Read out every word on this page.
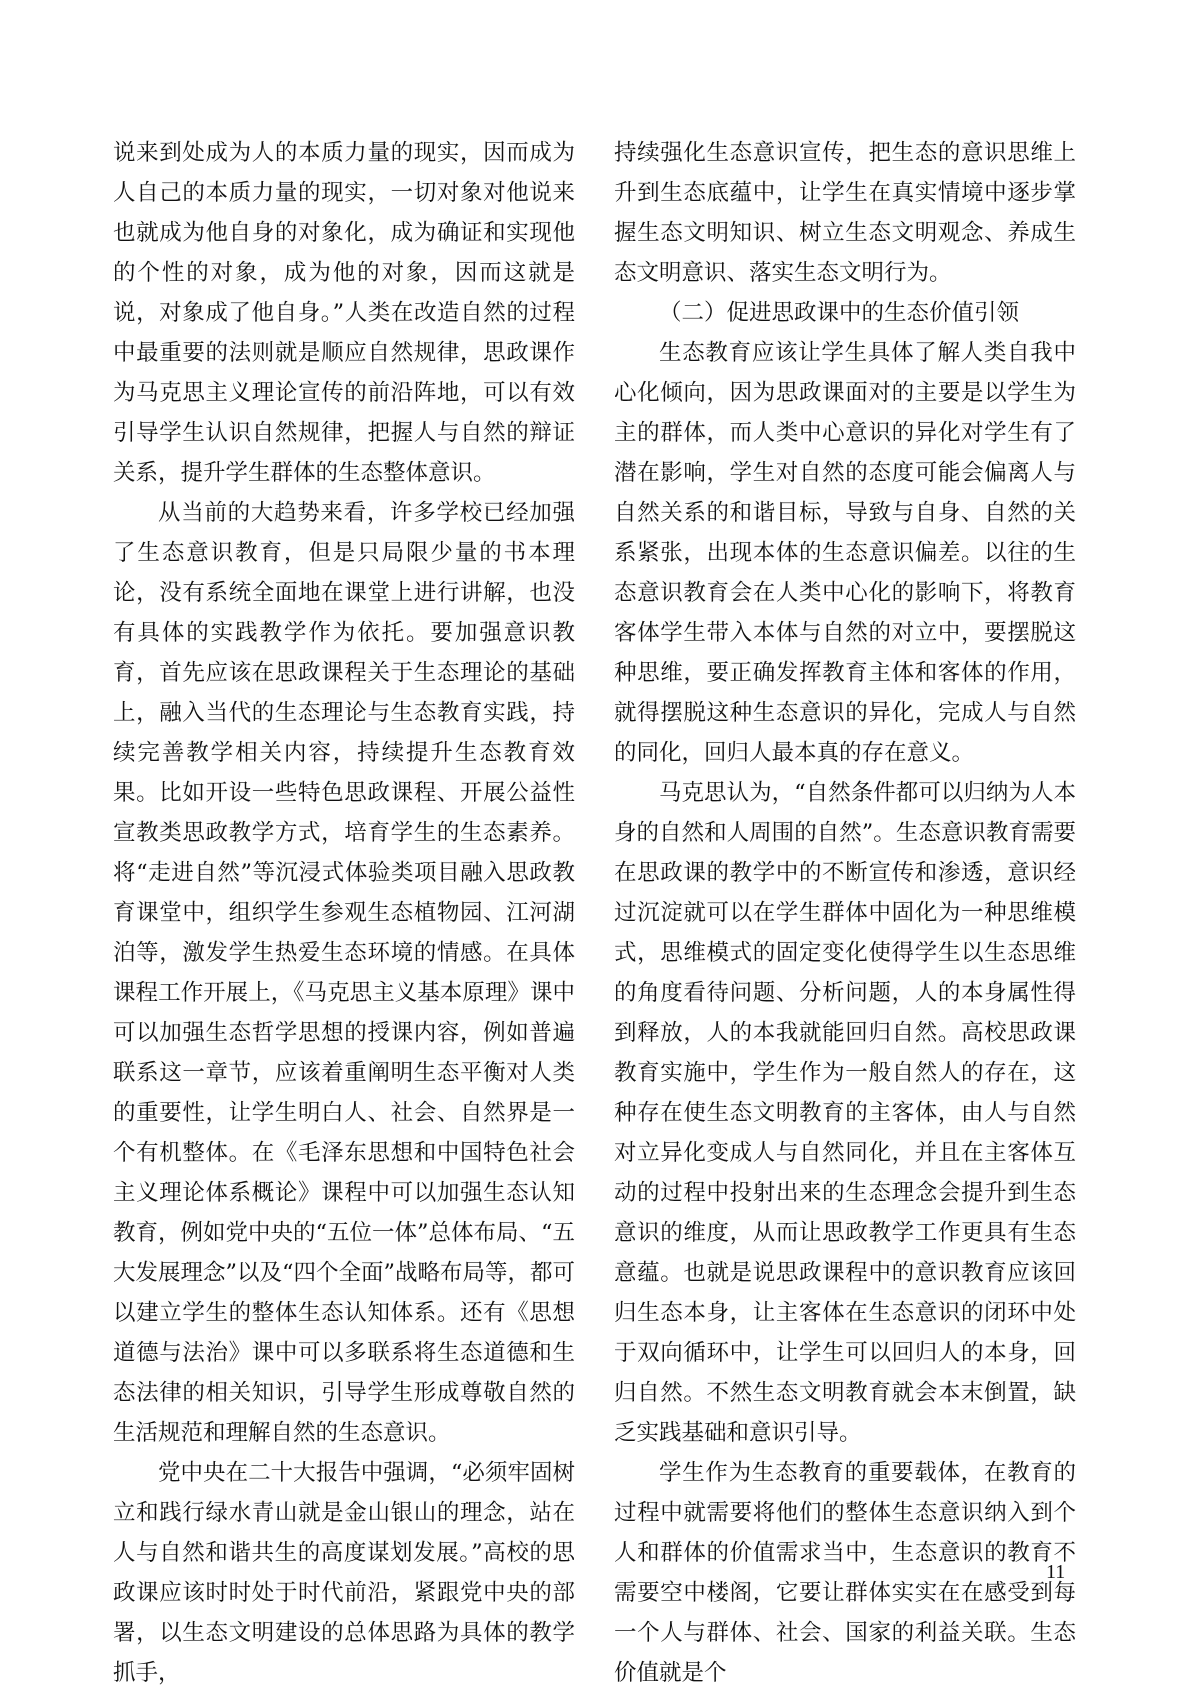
说来到处成为人的本质力量的现实，因而成为人自己的本质力量的现实，一切对象对他说来也就成为他自身的对象化，成为确证和实现他的个性的对象，成为他的对象，因而这就是说，对象成了他自身。”人类在改造自然的过程中最重要的法则就是顺应自然规律，思政课作为马克思主义理论宣传的前沿阵地，可以有效引导学生认识自然规律，把握人与自然的辩证关系，提升学生群体的生态整体意识。

从当前的大趋势来看，许多学校已经加强了生态意识教育，但是只局限少量的书本理论，没有系统全面地在课堂上进行讲解，也没有具体的实践教学作为依托。要加强意识教育，首先应该在思政课程关于生态理论的基础上，融入当代的生态理论与生态教育实践，持续完善教学相关内容，持续提升生态教育效果。比如开设一些特色思政课程、开展公益性宣教类思政教学方式，培育学生的生态素养。将“走进自然”等沉浸式体验类项目融入思政教育课堂中，组织学生参观生态植物园、江河湖泊等，激发学生热爱生态环境的情感。在具体课程工作开展上，《马克思主义基本原理》课中可以加强生态哲学思想的授课内容，例如普遍联系这一章节，应该着重阐明生态平衡对人类的重要性，让学生明白人、社会、自然界是一个有机整体。在《毛泽东思想和中国特色社会主义理论体系概论》课程中可以加强生态认知教育，例如党中央的“五位一体”总体布局、“五大发展理念”以及“四个全面”战略布局等，都可以建立学生的整体生态认知体系。还有《思想道德与法治》课中可以多联系将生态道德和生态法律的相关知识，引导学生形成尊敬自然的生活规范和理解自然的生态意识。

党中央在二十大报告中强调，“必须牢固树立和践行绿水青山就是金山银山的理念，站在人与自然和谐共生的高度谋划发展。”高校的思政课应该时时处于时代前沿，紧跟党中央的部署，以生态文明建设的总体思路为具体的教学抓手，

持续强化生态意识宣传，把生态的意识思维上升到生态底蕴中，让学生在真实情境中逐步掌握生态文明知识、树立生态文明观念、养成生态文明意识、落实生态文明行为。

（二）促进思政课中的生态价值引领

生态教育应该让学生具体了解人类自我中心化倾向，因为思政课面对的主要是以学生为主的群体，而人类中心意识的异化对学生有了潜在影响，学生对自然的态度可能会偏离人与自然关系的和谐目标，导致与自身、自然的关系紧张，出现本体的生态意识偏差。以往的生态意识教育会在人类中心化的影响下，将教育客体学生带入本体与自然的对立中，要摆脱这种思维，要正确发挥教育主体和客体的作用，就得摆脱这种生态意识的异化，完成人与自然的同化，回归人最本真的存在意义。

马克思认为，“自然条件都可以归纳为人本身的自然和人周围的自然”。生态意识教育需要在思政课的教学中的不断宣传和渗透，意识经过沉淀就可以在学生群体中固化为一种思维模式，思维模式的固定变化使得学生以生态思维的角度看待问题、分析问题，人的本身属性得到释放，人的本我就能回归自然。高校思政课教育实施中，学生作为一般自然人的存在，这种存在使生态文明教育的主客体，由人与自然对立异化变成人与自然同化，并且在主客体互动的过程中投射出来的生态理念会提升到生态意识的维度，从而让思政教学工作更具有生态意蕴。也就是说思政课程中的意识教育应该回归生态本身，让主客体在生态意识的闭环中处于双向循环中，让学生可以回归人的本身，回归自然。不然生态文明教育就会本末倒置，缺乏实践基础和意识引导。

学生作为生态教育的重要载体，在教育的过程中就需要将他们的整体生态意识纳入到个人和群体的价值需求当中，生态意识的教育不需要空中楼阁，它要让群体实实在在感受到每一个人与群体、社会、国家的利益关联。生态价值就是个

11
